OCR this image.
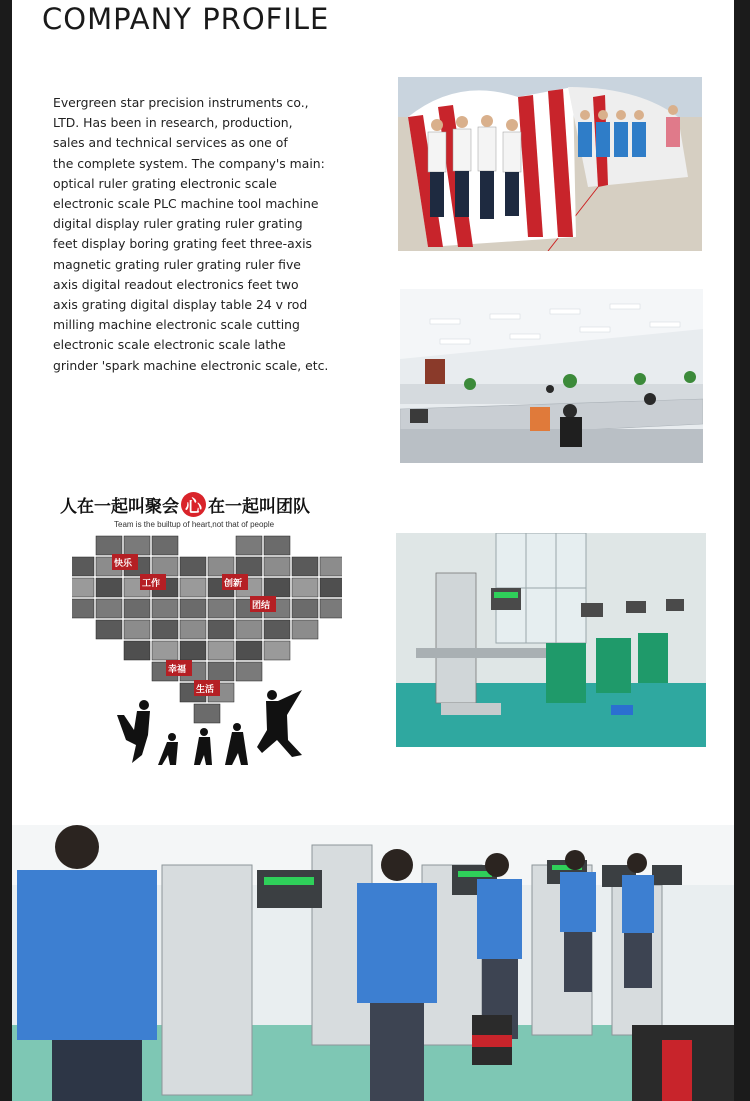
COMPANY PROFILE
Evergreen star precision instruments co.,
LTD. Has been in research, production,
sales and technical services as one of
the complete system. The company's main:
optical ruler grating electronic scale
electronic scale PLC machine tool machine
digital display ruler grating ruler grating
feet display boring grating feet three-axis
magnetic grating ruler grating ruler five
axis digital readout electronics feet two
axis grating digital display table 24 v rod
milling machine electronic scale cutting
electronic scale electronic scale lathe
grinder 'spark machine electronic scale, etc.
人在一起叫聚会 心 在一起叫团队
Team is the builtup of heart,not that of people
快乐
工作	创新
团结
幸福
生活
